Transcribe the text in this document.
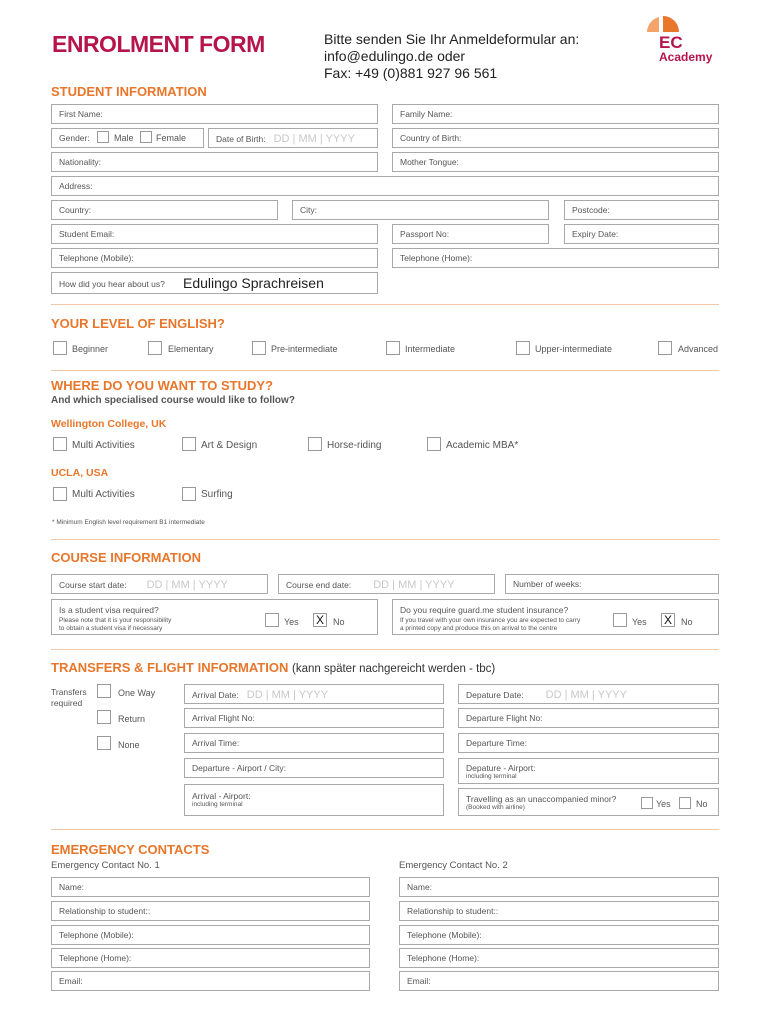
ENROLMENT FORM	Bitte senden Sie Ihr Anmeldeformular an:
info@edulingo.de oder
Fax: +49 (0)881 927 96 561
EC
Academy
STUDENT INFORMATION
First Name:	Family Name:
Gender:	Male Female	Date of Birth: DD | MM | YYYY	Country of Birth:
Nationality:	Mother Tongue:
Address:
Country:	City:	Postcode:
Student Email:	Passport No:	Expiry Date:
Telephone (Mobile):	Telephone (Home):
How did you hear about us?	Edulingo Sprachreisen
YOUR LEVEL OF ENGLISH?
Beginner	Elementary	Pre-intermediate	Intermediate	Upper-intermediate	Advanced
WHERE DO YOU WANT TO STUDY?
And which specialised course would like to follow?
Wellington College, UK
Multi Activities	Art & Design	Horse-riding	Academic MBA*
UCLA, USA
Multi Activities	Surfing
* Minimum English level requirement B1 intermediate
COURSE INFORMATION
Course start date: DD | MM | YYYY	Course end date: DD | MM | YYYY	Number of weeks:
Is a student visa required?
Please note that it is your responsibility
to obtain a student visa if necessary
Yes X	No
Do you require guard.me student insurance?
If you travel with your own insurance you are expected to carry
a printed copy and produce this on arrival to the centre
Yes X	No
TRANSFERS & FLIGHT INFORMATION (kann später nachgereicht werden - tbc)
Transfers
required
One Way
Return
None
Arrival Date: DD | MM | YYYY
Arrival Flight No:
Arrival Time:
Departure - Airport / City:
Arrival - Airport:
including terminal
Depature Date: DD | MM | YYYY
Departure Flight No:
Departure Time:
Depature - Airport:
including terminal
Travelling as an unaccompanied minor?
(Booked with airline)	Yes	No
EMERGENCY CONTACTS
Emergency Contact No. 1	Emergency Contact No. 2
Name:
Relationship to student::
Telephone (Mobile):
Telephone (Home):
Email:
Name:
Relationship to student::
Telephone (Mobile):
Telephone (Home):
Email:
